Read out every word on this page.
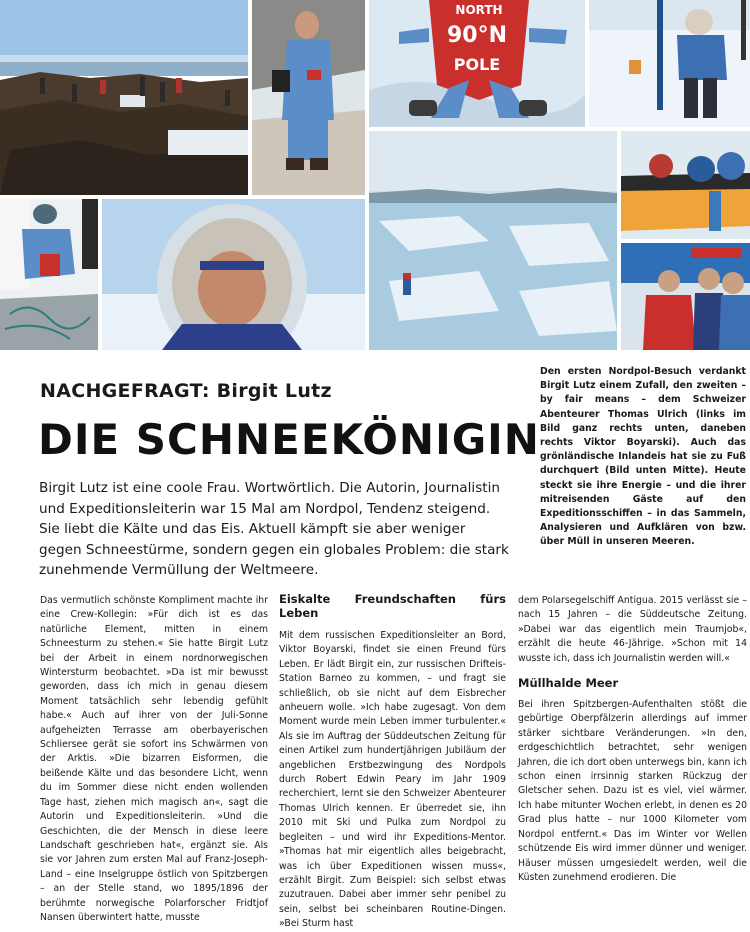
NORTH
90°N
POLE

Den ersten Nordpol-Besuch verdankt Birgit Lutz einem Zufall, den zweiten – by fair means – dem Schweizer Abenteurer Thomas Ulrich (links im Bild ganz rechts unten, daneben rechts Viktor Boyarski). Auch das grönländische Inlandeis hat sie zu Fuß durchquert (Bild unten Mitte). Heute steckt sie ihre Energie – und die ihrer mitreisenden Gäste auf den Expeditionsschiffen – in das Sammeln, Analysieren und Aufklären von bzw. über Müll in unseren Meeren.

NACHGEFRAGT: Birgit Lutz
DIE SCHNEEKÖNIGIN

Birgit Lutz ist eine coole Frau. Wortwörtlich. Die Autorin, Journalistin und Expeditionsleiterin war 15 Mal am Nordpol, Tendenz steigend. Sie liebt die Kälte und das Eis. Aktuell kämpft sie aber weniger gegen Schneestürme, sondern gegen ein globales Problem: die stark zunehmende Vermüllung der Weltmeere.

Das vermutlich schönste Kompliment machte ihr eine Crew-Kollegin: »Für dich ist es das natürliche Element, mitten in einem Schneesturm zu stehen.« Sie hatte Birgit Lutz bei der Arbeit in einem nordnorwegischen Wintersturm beobachtet. »Da ist mir bewusst geworden, dass ich mich in genau diesem Moment tatsächlich sehr lebendig gefühlt habe.« Auch auf ihrer von der Juli-Sonne aufgeheizten Terrasse am oberbayerischen Schliersee gerät sie sofort ins Schwärmen von der Arktis. »Die bizarren Eisformen, die beißende Kälte und das besondere Licht, wenn du im Sommer diese nicht enden wollenden Tage hast, ziehen mich magisch an«, sagt die Autorin und Expeditionsleiterin. »Und die Geschichten, die der Mensch in diese leere Landschaft geschrieben hat«, ergänzt sie. Als sie vor Jahren zum ersten Mal auf Franz-Joseph-Land – eine Inselgruppe östlich von Spitzbergen – an der Stelle stand, wo 1895/1896 der berühmte norwegische Polarforscher Fridtjof Nansen überwintert hatte, musste

Eiskalte Freundschaften fürs Leben

Mit dem russischen Expeditionsleiter an Bord, Viktor Boyarski, findet sie einen Freund fürs Leben. Er lädt Birgit ein, zur russischen Drifteis-Station Barneo zu kommen, – und fragt sie schließlich, ob sie nicht auf dem Eisbrecher anheuern wolle. »Ich habe zugesagt. Von dem Moment wurde mein Leben immer turbulenter.« Als sie im Auftrag der Süddeutschen Zeitung für einen Artikel zum hundertjährigen Jubiläum der angeblichen Erstbezwingung des Nordpols durch Robert Edwin Peary im Jahr 1909 recherchiert, lernt sie den Schweizer Abenteurer Thomas Ulrich kennen. Er überredet sie, ihn 2010 mit Ski und Pulka zum Nordpol zu begleiten – und wird ihr Expeditions-Mentor. »Thomas hat mir eigentlich alles beigebracht, was ich über Expeditionen wissen muss«, erzählt Birgit. Zum Beispiel: sich selbst etwas zuzutrauen. Dabei aber immer sehr penibel zu sein, selbst bei scheinbaren Routine-Dingen. »Bei Sturm hast

dem Polarsegelschiff Antigua. 2015 verlässt sie – nach 15 Jahren – die Süddeutsche Zeitung. »Dabei war das eigentlich mein Traumjob«, erzählt die heute 46-Jährige. »Schon mit 14 wusste ich, dass ich Journalistin werden will.«

Müllhalde Meer

Bei ihren Spitzbergen-Aufenthalten stößt die gebürtige Oberpfälzerin allerdings auf immer stärker sichtbare Veränderungen. »In den, erdgeschichtlich betrachtet, sehr wenigen Jahren, die ich dort oben unterwegs bin, kann ich schon einen irrsinnig starken Rückzug der Gletscher sehen. Dazu ist es viel, viel wärmer. Ich habe mitunter Wochen erlebt, in denen es 20 Grad plus hatte – nur 1000 Kilometer vom Nordpol entfernt.« Das im Winter vor Wellen schützende Eis wird immer dünner und weniger. Häuser müssen umgesiedelt werden, weil die Küsten zunehmend erodieren. Die
